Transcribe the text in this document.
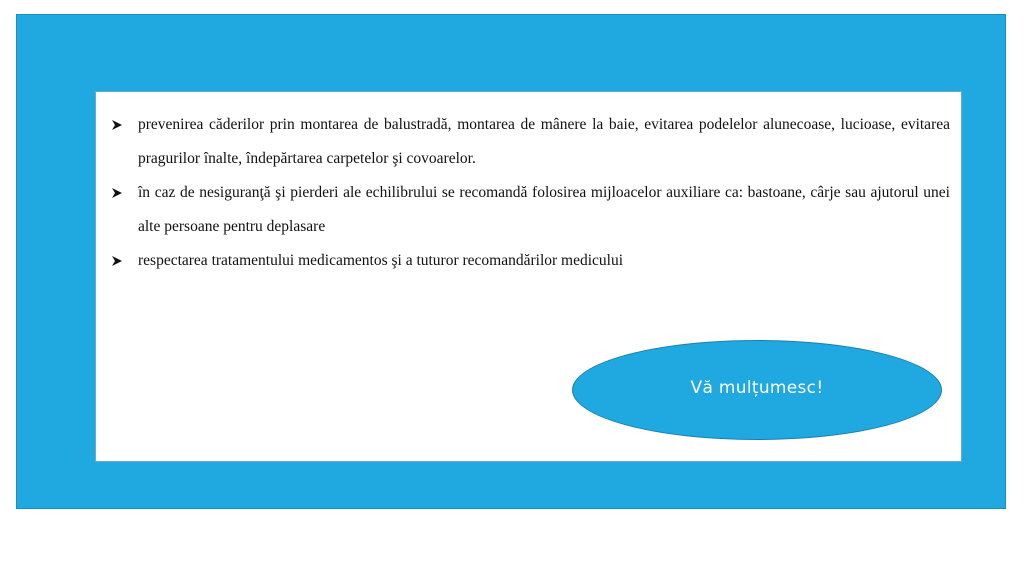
prevenirea căderilor prin montarea de balustradă, montarea de mânere la baie, evitarea podelelor alunecoase, lucioase, evitarea pragurilor înalte, îndepărtarea carpetelor şi covoarelor.
în caz de nesiguranţă şi pierderi ale echilibrului se recomandă folosirea mijloacelor auxiliare ca: bastoane, cârje sau ajutorul unei alte persoane pentru deplasare
respectarea tratamentului medicamentos şi a tuturor recomandărilor medicului
Vă mulțumesc!
